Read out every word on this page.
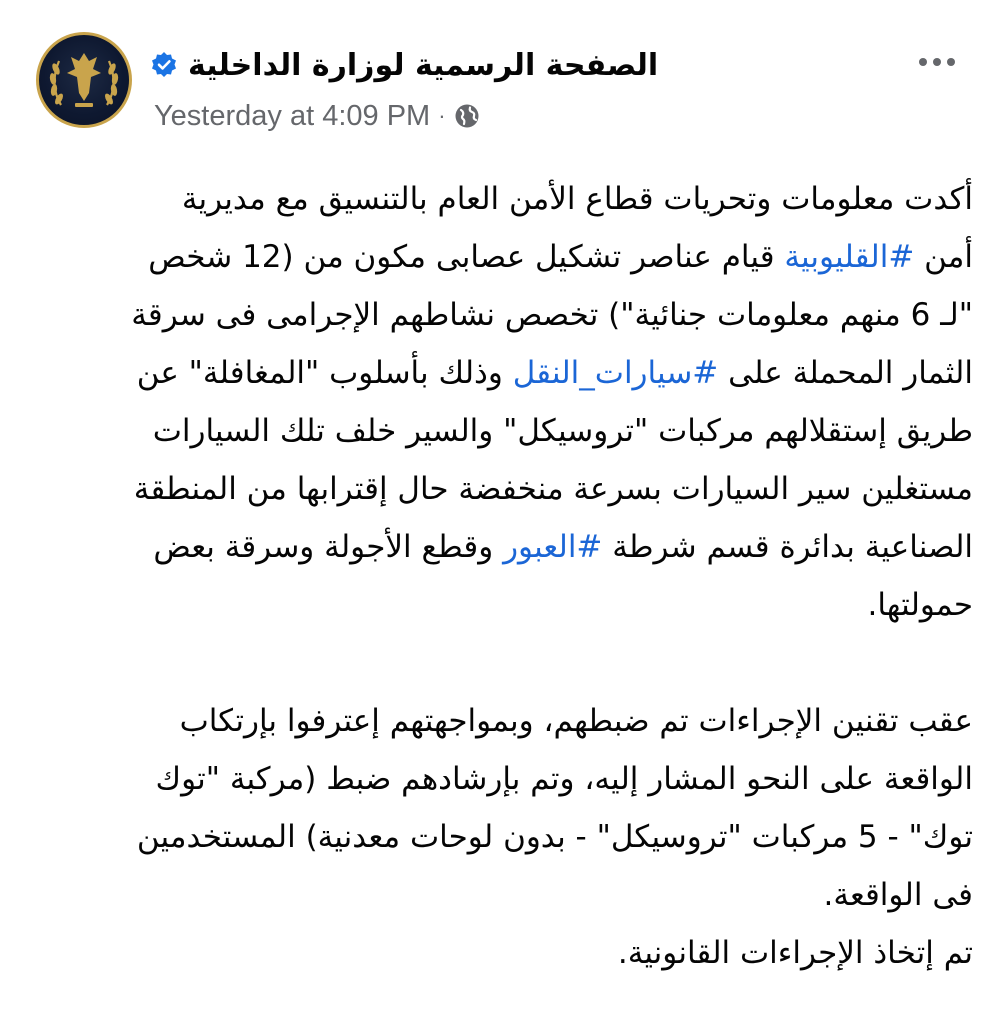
الصفحة الرسمية لوزارة الداخلية
Yesterday at 4:09 PM ·

أكدت معلومات وتحريات قطاع الأمن العام بالتنسيق مع مديرية

أمن #القليوبية قيام عناصر تشكيل عصابى مكون من (12 شخص

"لـ 6 منهم معلومات جنائية") تخصص نشاطهم الإجرامى فى سرقة

الثمار المحملة على #سيارات_النقل وذلك بأسلوب "المغافلة" عن

طريق إستقلالهم مركبات "تروسيكل" والسير خلف تلك السيارات

مستغلين سير السيارات بسرعة منخفضة حال إقترابها من المنطقة

الصناعية بدائرة قسم شرطة #العبور وقطع الأجولة وسرقة بعض

حمولتها.

عقب تقنين الإجراءات تم ضبطهم، وبمواجهتهم إعترفوا بإرتكاب

الواقعة على النحو المشار إليه، وتم بإرشادهم ضبط (مركبة "توك

توك" - 5 مركبات "تروسيكل" - بدون لوحات معدنية) المستخدمين

فى الواقعة.

تم إتخاذ الإجراءات القانونية.
